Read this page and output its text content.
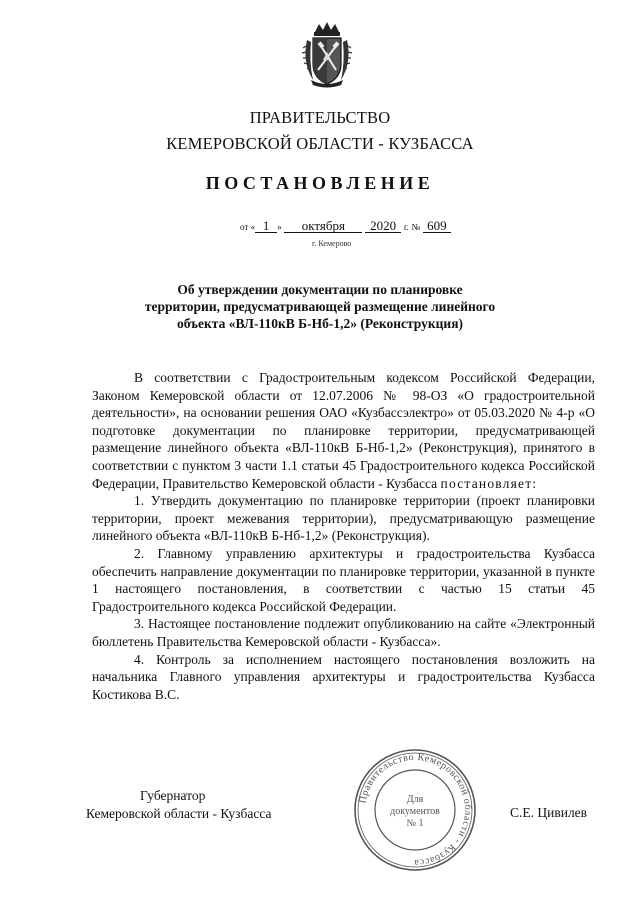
ПРАВИТЕЛЬСТВО
КЕМЕРОВСКОЙ ОБЛАСТИ - КУЗБАССА
ПОСТАНОВЛЕНИЕ
от « 1 » октября 2020 г. № 609
г. Кемерово
Об утверждении документации по планировке
территории, предусматривающей размещение линейного
объекта «ВЛ-110кВ Б-Нб-1,2» (Реконструкция)

В соответствии с Градостроительным кодексом Российской Федерации, Законом Кемеровской области от 12.07.2006 № 98-ОЗ «О градостроительной деятельности», на основании решения ОАО «Кузбассэлектро» от 05.03.2020 № 4-р «О подготовке документации по планировке территории, предусматривающей размещение линейного объекта «ВЛ-110кВ Б-Нб-1,2» (Реконструкция), принятого в соответствии с пунктом 3 части 1.1 статьи 45 Градостроительного кодекса Российской Федерации, Правительство Кемеровской области - Кузбасса постановляет:

1. Утвердить документацию по планировке территории (проект планировки территории, проект межевания территории), предусматривающую размещение линейного объекта «ВЛ-110кВ Б-Нб-1,2» (Реконструкция).

2. Главному управлению архитектуры и градостроительства Кузбасса обеспечить направление документации по планировке территории, указанной в пункте 1 настоящего постановления, в соответствии с частью 15 статьи 45 Градостроительного кодекса Российской Федерации.

3. Настоящее постановление подлежит опубликованию на сайте «Электронный бюллетень Правительства Кемеровской области - Кузбасса».

4. Контроль за исполнением настоящего постановления возложить на начальника Главного управления архитектуры и градостроительства Кузбасса Костикова В.С.

Губернатор
Кемеровской области - Кузбасса
Правительство Кемеровской области - Кузбасса
Для
документов
№ 1
С.Е. Цивилев
